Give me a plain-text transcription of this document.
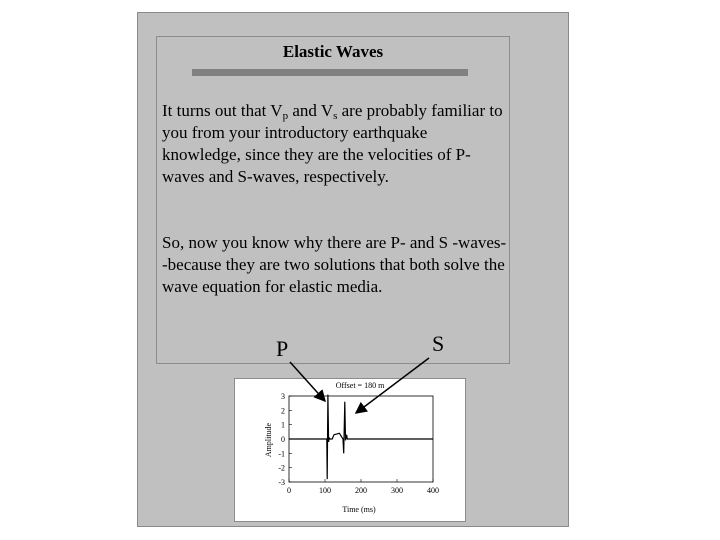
Elastic Waves

It turns out that $V_p$ and $V_s$ are probably familiar to you from your introductory earthquake knowledge, since they are the velocities of P-waves and S-waves, respectively.

So, now you know why there are P- and S -waves--because they are two solutions that both solve the wave equation for elastic media.

P	S
Offset = 180 m
Time (ms)
Amplitude
0	100	200	300	400
3
2
1
0
-1
-2
-3
